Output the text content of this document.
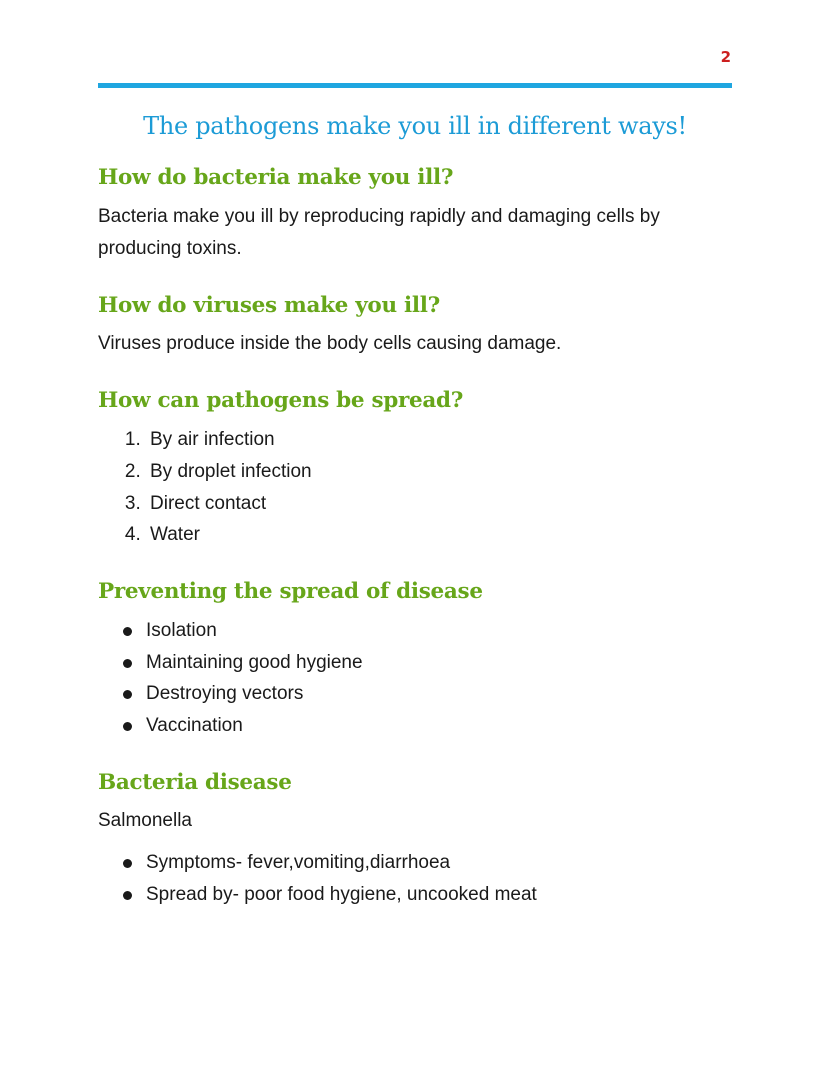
2
The pathogens make you ill in different ways!
How do bacteria make you ill?

Bacteria make you ill by reproducing rapidly and damaging cells by producing toxins.

How do viruses make you ill?

Viruses produce inside the body cells causing damage.

How can pathogens be spread?
1. By air infection
2. By droplet infection
3. Direct contact
4. Water
Preventing the spread of disease
Isolation
Maintaining good hygiene
Destroying vectors
Vaccination
Bacteria disease

Salmonella

Symptoms- fever,vomiting,diarrhoea
Spread by- poor food hygiene, uncooked meat
